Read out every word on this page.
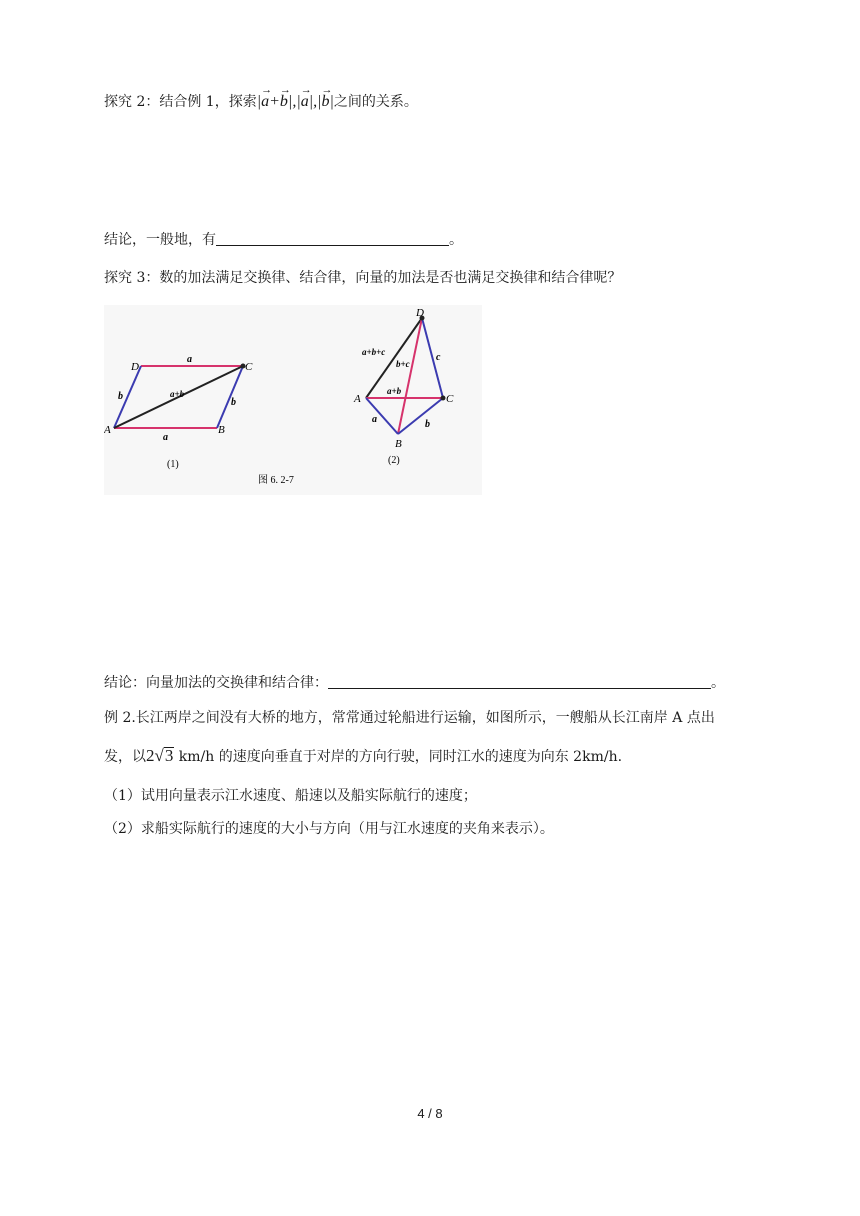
探究 2：结合例 1，探索|→ a+→ b|,|→ a|,|→ b|之间的关系。
结论，一般地，有	。
探究 3：数的加法满足交换律、结合律，向量的加法是否也满足交换律和结合律呢？
A	B
C
D
a
a
b
b
a+b
(1)
A
B
C
D
a+b+c
b+c
c
a+b
a	b
(2)
图 6. 2-7
结论：向量加法的交换律和结合律：	。
例 2.长江两岸之间没有大桥的地方，常常通过轮船进行运输，如图所示，一艘船从长江南岸 A 点出
发，以2√3 km/h 的速度向垂直于对岸的方向行驶，同时江水的速度为向东 2km/h.
（1）试用向量表示江水速度、船速以及船实际航行的速度；
（2）求船实际航行的速度的大小与方向（用与江水速度的夹角来表示）。
4 / 8
